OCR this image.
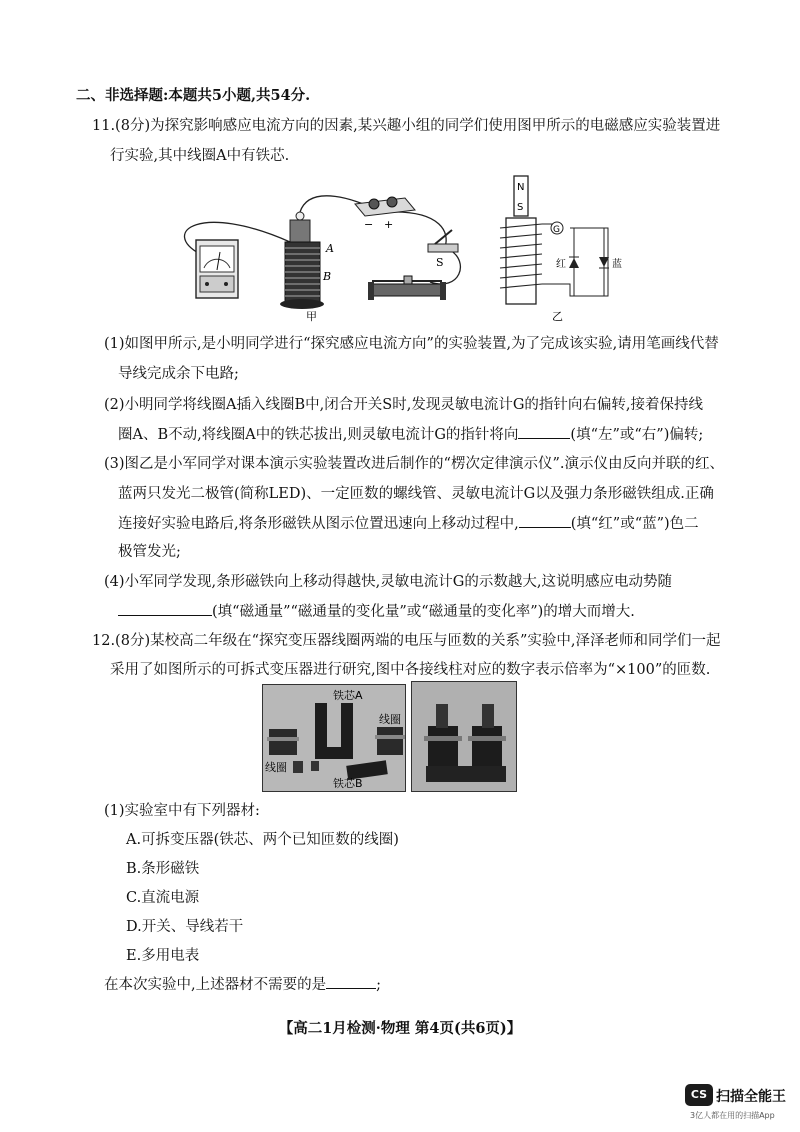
二、非选择题:本题共5小题,共54分.
11.(8分)为探究影响感应电流方向的因素,某兴趣小组的同学们使用图甲所示的电磁感应实验装置进
行实验,其中线圈A中有铁芯.
A
B
− +
S
甲
N
S
G
红	蓝
乙
(1)如图甲所示,是小明同学进行“探究感应电流方向”的实验装置,为了完成该实验,请用笔画线代替
导线完成余下电路;
(2)小明同学将线圈A插入线圈B中,闭合开关S时,发现灵敏电流计G的指针向右偏转,接着保持线
圈A、B不动,将线圈A中的铁芯拔出,则灵敏电流计G的指针将向	(填“左”或“右”)偏转;
(3)图乙是小军同学对课本演示实验装置改进后制作的“楞次定律演示仪”.演示仪由反向并联的红、
蓝两只发光二极管(简称LED)、一定匝数的螺线管、灵敏电流计G以及强力条形磁铁组成.正确
连接好实验电路后,将条形磁铁从图示位置迅速向上移动过程中,	(填“红”或“蓝”)色二
极管发光;
(4)小军同学发现,条形磁铁向上移动得越快,灵敏电流计G的示数越大,这说明感应电动势随
(填“磁通量”“磁通量的变化量”或“磁通量的变化率”)的增大而增大.
12.(8分)某校高二年级在“探究变压器线圈两端的电压与匝数的关系”实验中,泽泽老师和同学们一起
采用了如图所示的可拆式变压器进行研究,图中各接线柱对应的数字表示倍率为“×100”的匝数.
铁芯A
线圈
线圈
铁芯B
(1)实验室中有下列器材:
A.可拆变压器(铁芯、两个已知匝数的线圈)
B.条形磁铁
C.直流电源
D.开关、导线若干
E.多用电表
在本次实验中,上述器材不需要的是	;
【高二1月检测·物理 第4页(共6页)】
CS 扫描全能王
3亿人都在用的扫描App
